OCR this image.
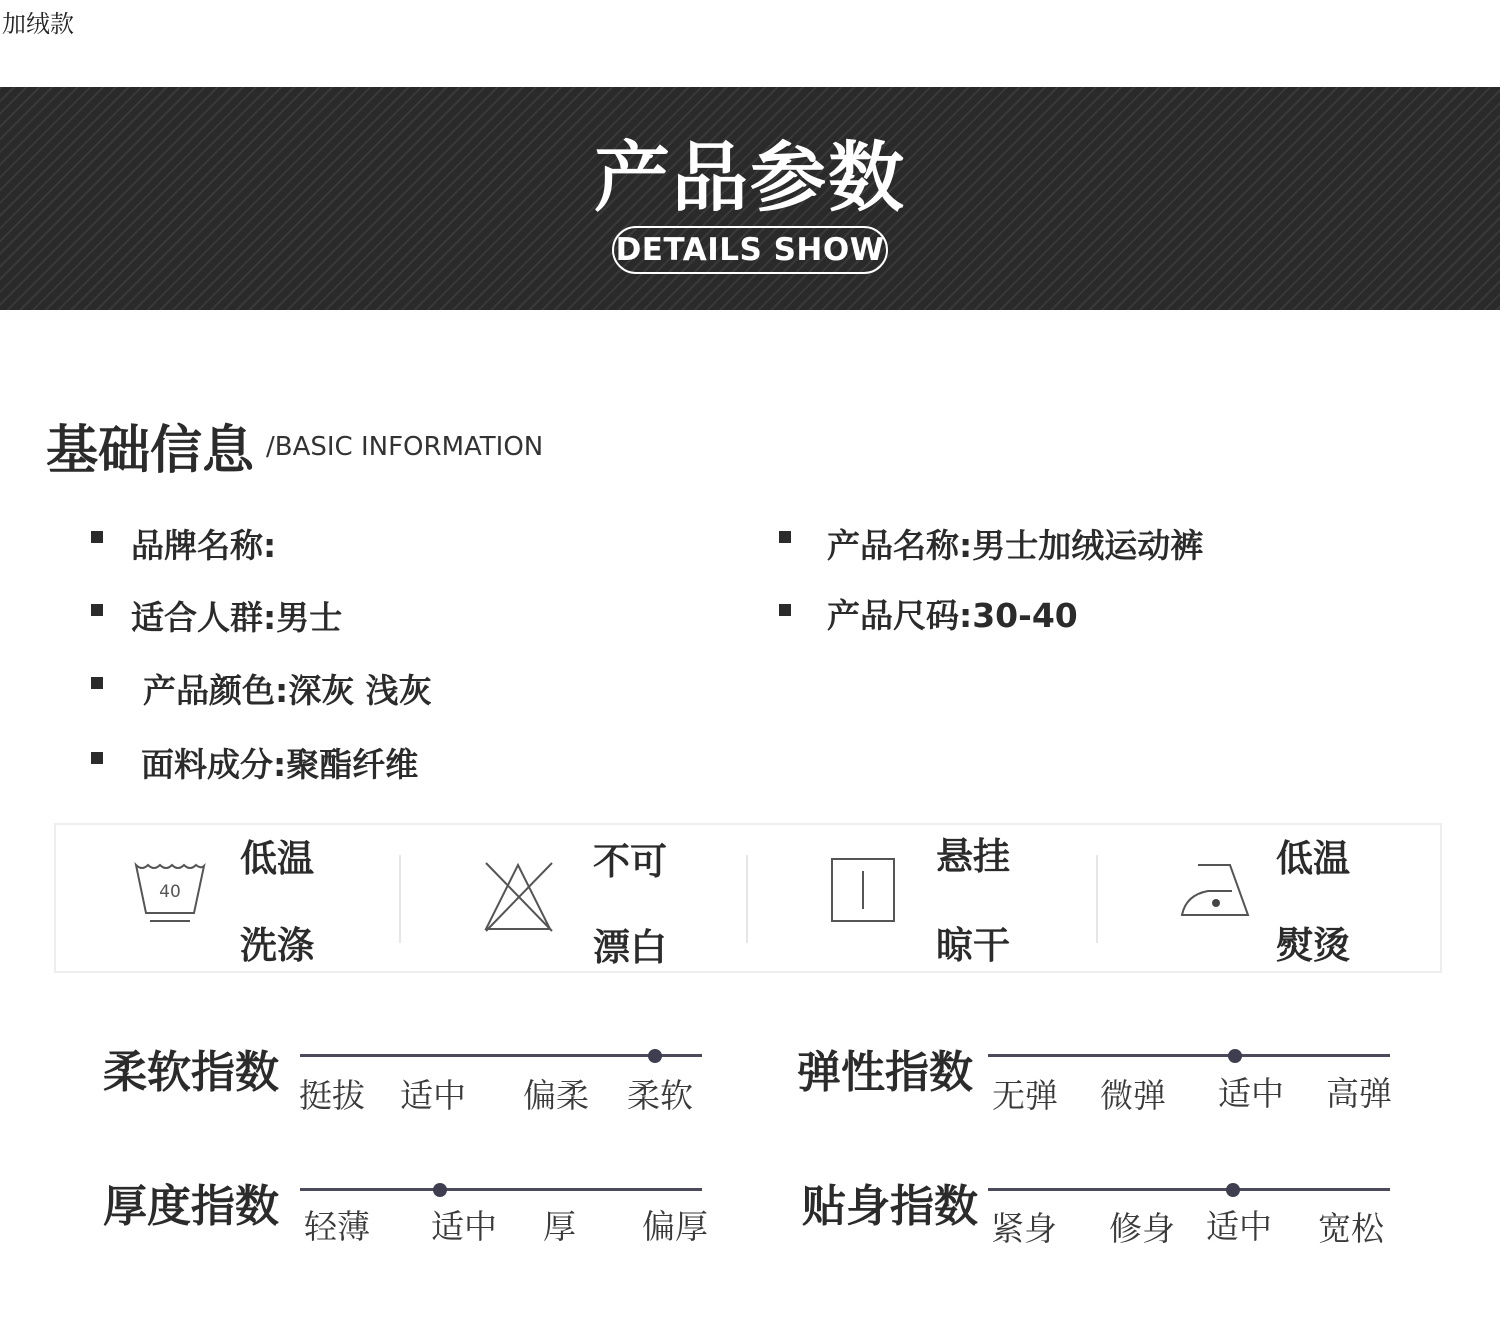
加绒款
产品参数
DETAILS SHOW
基础信息 /BASIC INFORMATION
品牌名称:	产品名称:男士加绒运动裤
适合人群:男士	产品尺码:30-40
产品颜色:深灰 浅灰
面料成分:聚酯纤维
40
低温
洗涤
不可
漂白
悬挂
晾干
低温
熨烫
柔软指数 挺拔 适中 偏柔 柔软 弹性指数 无弹 微弹 适中 高弹
厚度指数 轻薄 适中 厚 偏厚 贴身指数 紧身 修身 适中 宽松
